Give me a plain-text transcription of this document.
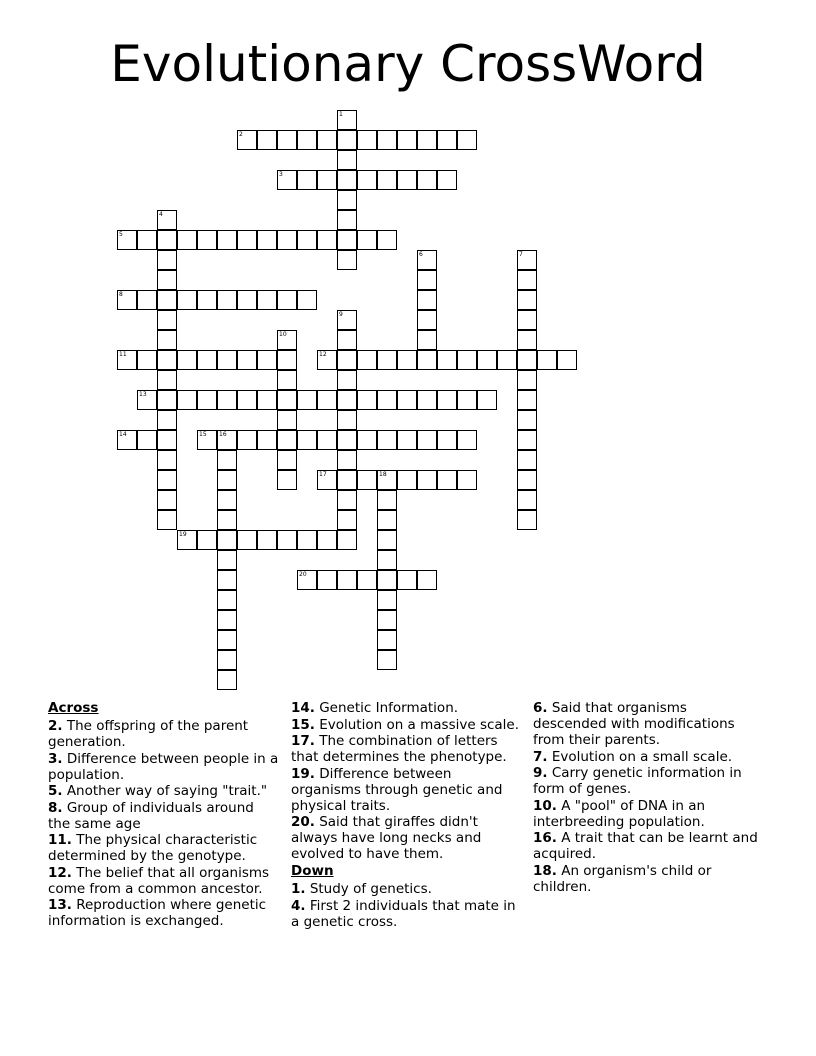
Evolutionary CrossWord
1
2
3
4
5
6	7
8
9
10
11	12
13
14	15 16
17	18
19
20
Across
2. The offspring of the parent generation.
3. Difference between people in a population.
5. Another way of saying "trait."
8. Group of individuals around the same age
11. The physical characteristic determined by the genotype.
12. The belief that all organisms come from a common ancestor.
13. Reproduction where genetic information is exchanged.
14. Genetic Information.
15. Evolution on a massive scale.
17. The combination of letters that determines the phenotype.
19. Difference between organisms through genetic and physical traits.
20. Said that giraffes didn't always have long necks and evolved to have them.
Down
1. Study of genetics.
4. First 2 individuals that mate in a genetic cross.
6. Said that organisms descended with modifications from their parents.
7. Evolution on a small scale.
9. Carry genetic information in form of genes.
10. A "pool" of DNA in an interbreeding population.
16. A trait that can be learnt and acquired.
18. An organism's child or children.
